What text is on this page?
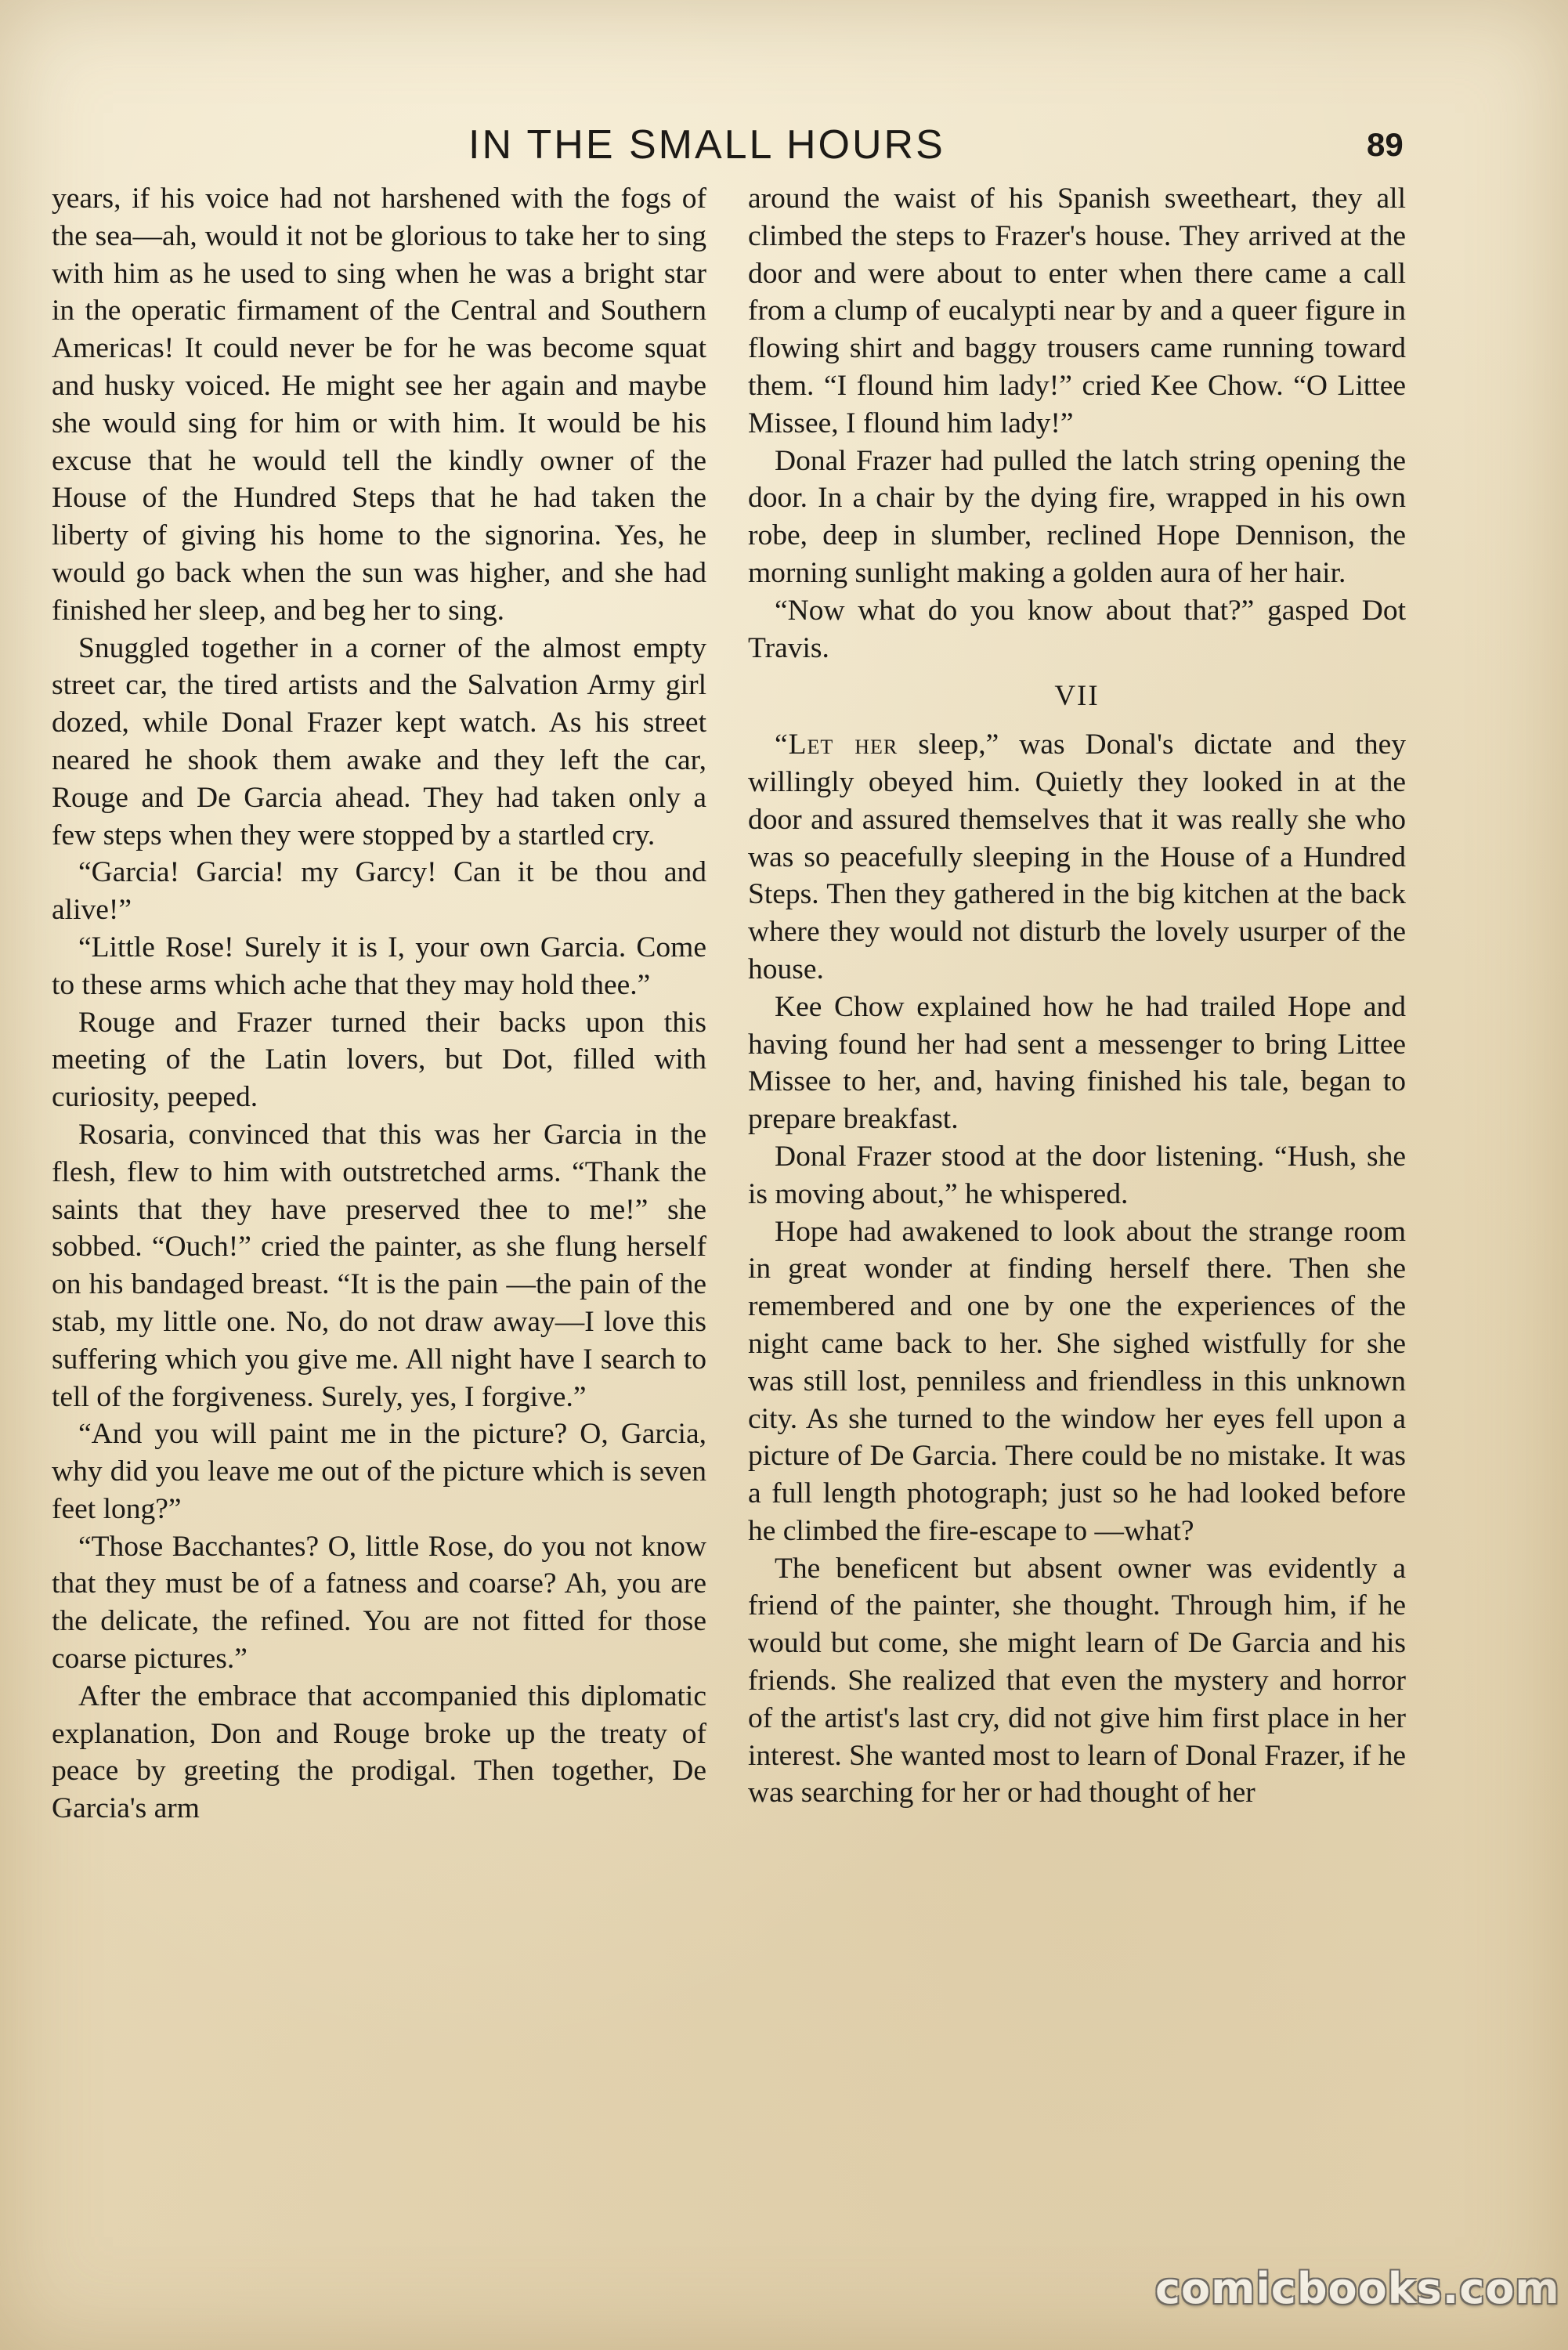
IN THE SMALL HOURS	89

years, if his voice had not harshened with the fogs of the sea—ah, would it not be glorious to take her to sing with him as he used to sing when he was a bright star in the operatic firmament of the Central and Southern Americas! It could never be for he was become squat and husky voiced. He might see her again and maybe she would sing for him or with him. It would be his excuse that he would tell the kindly owner of the House of the Hundred Steps that he had taken the liberty of giving his home to the signorina. Yes, he would go back when the sun was higher, and she had finished her sleep, and beg her to sing.

Snuggled together in a corner of the almost empty street car, the tired artists and the Salvation Army girl dozed, while Donal Frazer kept watch. As his street neared he shook them awake and they left the car, Rouge and De Garcia ahead. They had taken only a few steps when they were stopped by a startled cry.

“Garcia! Garcia! my Garcy! Can it be thou and alive!”

“Little Rose! Surely it is I, your own Garcia. Come to these arms which ache that they may hold thee.”

Rouge and Frazer turned their backs upon this meeting of the Latin lovers, but Dot, filled with curiosity, peeped.

Rosaria, convinced that this was her Garcia in the flesh, flew to him with outstretched arms. “Thank the saints that they have preserved thee to me!” she sobbed. “Ouch!” cried the painter, as she flung herself on his bandaged breast. “It is the pain —the pain of the stab, my little one. No, do not draw away—I love this suffering which you give me. All night have I search to tell of the forgiveness. Surely, yes, I forgive.”

“And you will paint me in the picture? O, Garcia, why did you leave me out of the picture which is seven feet long?”

“Those Bacchantes? O, little Rose, do you not know that they must be of a fatness and coarse? Ah, you are the delicate, the refined. You are not fitted for those coarse pictures.”

After the embrace that accompanied this diplomatic explanation, Don and Rouge broke up the treaty of peace by greeting the prodigal. Then together, De Garcia's arm

around the waist of his Spanish sweetheart, they all climbed the steps to Frazer's house. They arrived at the door and were about to enter when there came a call from a clump of eucalypti near by and a queer figure in flowing shirt and baggy trousers came running toward them. “I flound him lady!” cried Kee Chow. “O Littee Missee, I flound him lady!”

Donal Frazer had pulled the latch string opening the door. In a chair by the dying fire, wrapped in his own robe, deep in slumber, reclined Hope Dennison, the morning sunlight making a golden aura of her hair.

“Now what do you know about that?” gasped Dot Travis.

VII

“Let her sleep,” was Donal's dictate and they willingly obeyed him. Quietly they looked in at the door and assured themselves that it was really she who was so peacefully sleeping in the House of a Hundred Steps. Then they gathered in the big kitchen at the back where they would not disturb the lovely usurper of the house.

Kee Chow explained how he had trailed Hope and having found her had sent a messenger to bring Littee Missee to her, and, having finished his tale, began to prepare breakfast.

Donal Frazer stood at the door listening. “Hush, she is moving about,” he whispered.

Hope had awakened to look about the strange room in great wonder at finding herself there. Then she remembered and one by one the experiences of the night came back to her. She sighed wistfully for she was still lost, penniless and friendless in this unknown city. As she turned to the window her eyes fell upon a picture of De Garcia. There could be no mistake. It was a full length photograph; just so he had looked before he climbed the fire-escape to —what?

The beneficent but absent owner was evidently a friend of the painter, she thought. Through him, if he would but come, she might learn of De Garcia and his friends. She realized that even the mystery and horror of the artist's last cry, did not give him first place in her interest. She wanted most to learn of Donal Frazer, if he was searching for her or had thought of her

comicbooks.com
